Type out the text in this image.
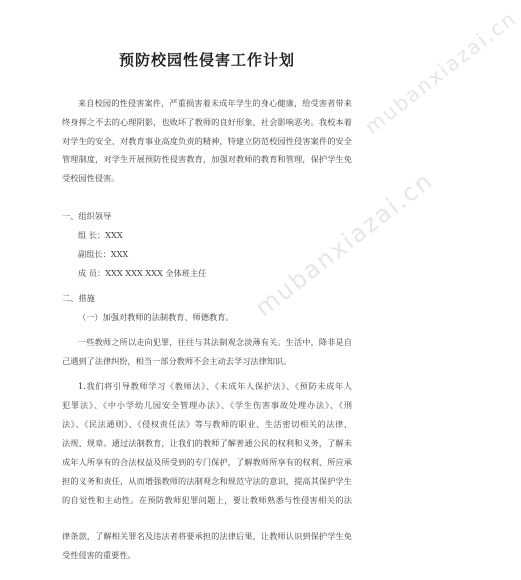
mubanxiazai.cn
mubanxiazai.cn
预防校园性侵害工作计划
来自校园的性侵害案件，严重损害着未成年学生的身心健康，给受害者带来
终身挥之不去的心理阴影，也败坏了教师的良好形象，社会影响恶劣。我校本着
对学生的安全、对教育事业高度负责的精神，特建立防范校园性侵害案件的安全
管理制度，对学生开展预防性侵害教育，加强对教师的教育和管理，保护学生免
受校园性侵害。
一、组织领导
组 长：XXX
副组长：XXX
成 员：XXX XXX XXX 全体班主任
二、措施
（一）加强对教师的法制教育、师德教育。
一些教师之所以走向犯罪，往往与其法制观念淡薄有关。生活中，降非是自
己遇到了法律纠纷，相当一部分教师不会主动去学习法律知识。
1.我们将引导教师学习《教师法》、《未成年人保护法》、《预防未成年人
犯罪法》、《中小学幼儿园安全管理办法》、《学生伤害事故处理办法》、《刑
法》、《民法通则》、《侵权责任法》等与教师的职业、生活密切相关的法律、
法规、规章。通过法制教育，让我们的教师了解普通公民的权利和义务，了解未
成年人所享有的合法权益及所受到的专门保护，了解教师所享有的权利、所应承
担的义务和责任，从而增强教师的法制观念和规范守法的意识，提高其保护学生
的自觉性和主动性。在预防教师犯罪问题上，要让教师熟悉与性侵害相关的法
律条款，了解相关罪名及违法者将要承担的法律后果，让教师认识到保护学生免
受性侵害的重要性。
